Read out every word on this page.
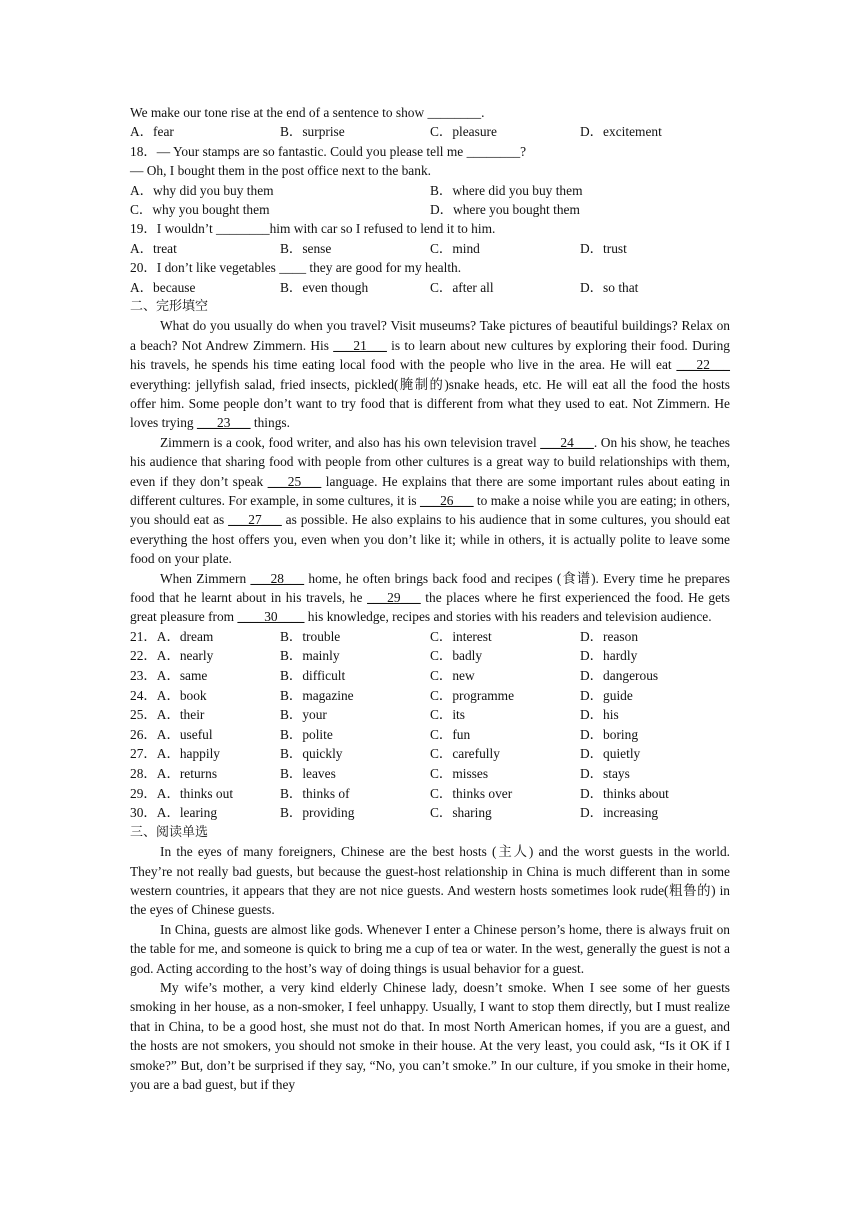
We make our tone rise at the end of a sentence to show ________.
A．fear	B．surprise	C．pleasure	D．excitement
18．— Your stamps are so fantastic. Could you please tell me ________?
— Oh, I bought them in the post office next to the bank.
A．why did you buy them	B．where did you buy them
C．why you bought them	D．where you bought them
19．I wouldn’t ________him with car so I refused to lend it to him.
A．treat	B．sense	C．mind	D．trust
20．I don’t like vegetables ____ they are good for my health.
A．because	B．even though	C．after all	D．so that
二、完形填空
What do you usually do when you travel? Visit museums? Take pictures of beautiful buildings? Relax on a beach? Not Andrew Zimmern. His ___21___ is to learn about new cultures by exploring their food. During his travels, he spends his time eating local food with the people who live in the area. He will eat ___22___ everything: jellyfish salad, fried insects, pickled(腌制的)snake heads, etc. He will eat all the food the hosts offer him. Some people don’t want to try food that is different from what they used to eat. Not Zimmern. He loves trying ___23___ things.
Zimmern is a cook, food writer, and also has his own television travel ___24___. On his show, he teaches his audience that sharing food with people from other cultures is a great way to build relationships with them, even if they don’t speak ___25___ language. He explains that there are some important rules about eating in different cultures. For example, in some cultures, it is ___26___ to make a noise while you are eating; in others, you should eat as ___27___ as possible. He also explains to his audience that in some cultures, you should eat everything the host offers you, even when you don’t like it; while in others, it is actually polite to leave some food on your plate.
When Zimmern ___28___ home, he often brings back food and recipes (食谱). Every time he prepares food that he learnt about in his travels, he ___29___ the places where he first experienced the food. He gets great pleasure from ____30____ his knowledge, recipes and stories with his readers and television audience.
21．A．dream	B．trouble	C．interest	D．reason
22．A．nearly	B．mainly	C．badly	D．hardly
23．A．same	B．difficult	C．new	D．dangerous
24．A．book	B．magazine	C．programme	D．guide
25．A．their	B．your	C．its	D．his
26．A．useful	B．polite	C．fun	D．boring
27．A．happily	B．quickly	C．carefully	D．quietly
28．A．returns	B．leaves	C．misses	D．stays
29．A．thinks out	B．thinks of	C．thinks over	D．thinks about
30．A．learing	B．providing	C．sharing	D．increasing
三、阅读单选
In the eyes of many foreigners, Chinese are the best hosts (主人) and the worst guests in the world. They’re not really bad guests, but because the guest-host relationship in China is much different than in some western countries, it appears that they are not nice guests. And western hosts sometimes look rude(粗鲁的) in the eyes of Chinese guests.
In China, guests are almost like gods. Whenever I enter a Chinese person’s home, there is always fruit on the table for me, and someone is quick to bring me a cup of tea or water. In the west, generally the guest is not a god. Acting according to the host’s way of doing things is usual behavior for a guest.
My wife’s mother, a very kind elderly Chinese lady, doesn’t smoke. When I see some of her guests smoking in her house, as a non-smoker, I feel unhappy. Usually, I want to stop them directly, but I must realize that in China, to be a good host, she must not do that. In most North American homes, if you are a guest, and the hosts are not smokers, you should not smoke in their house. At the very least, you could ask, “Is it OK if I smoke?” But, don’t be surprised if they say, “No, you can’t smoke.” In our culture, if you smoke in their home, you are a bad guest, but if they
